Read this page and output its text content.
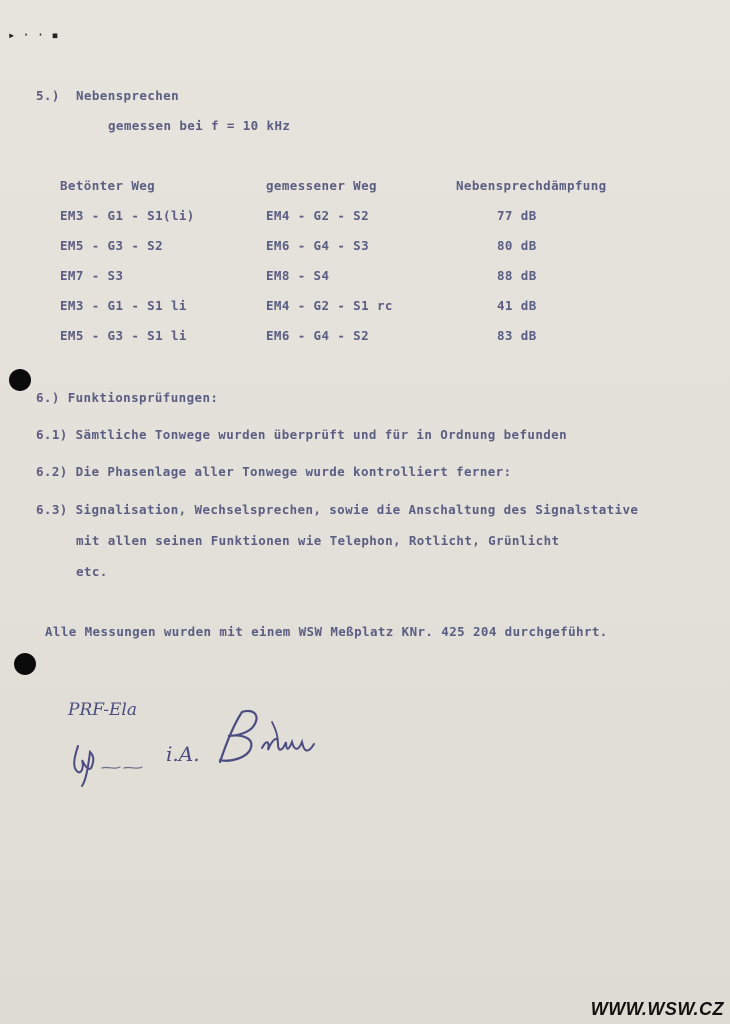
▸ · · ▪
5.) Nebensprechen
gemessen bei f = 10 kHz
Betönter Weg	gemessener Weg	Nebensprechdämpfung
EM3 - G1 - S1(li)	EM4 - G2 - S2	77 dB
EM5 - G3 - S2	EM6 - G4 - S3	80 dB
EM7 - S3	EM8 - S4	88 dB
EM3 - G1 - S1 li	EM4 - G2 - S1 rc	41 dB
EM5 - G3 - S1 li	EM6 - G4 - S2	83 dB
6.) Funktionsprüfungen:
6.1) Sämtliche Tonwege wurden überprüft und für in Ordnung befunden
6.2) Die Phasenlage aller Tonwege wurde kontrolliert ferner:
6.3) Signalisation, Wechselsprechen, sowie die Anschaltung des Signalstative
mit allen seinen Funktionen wie Telephon, Rotlicht, Grünlicht
etc.
Alle Messungen wurden mit einem WSW Meßplatz KNr. 425 204 durchgeführt.
PRF-Ela
i.A.
WWW.WSW.CZ
